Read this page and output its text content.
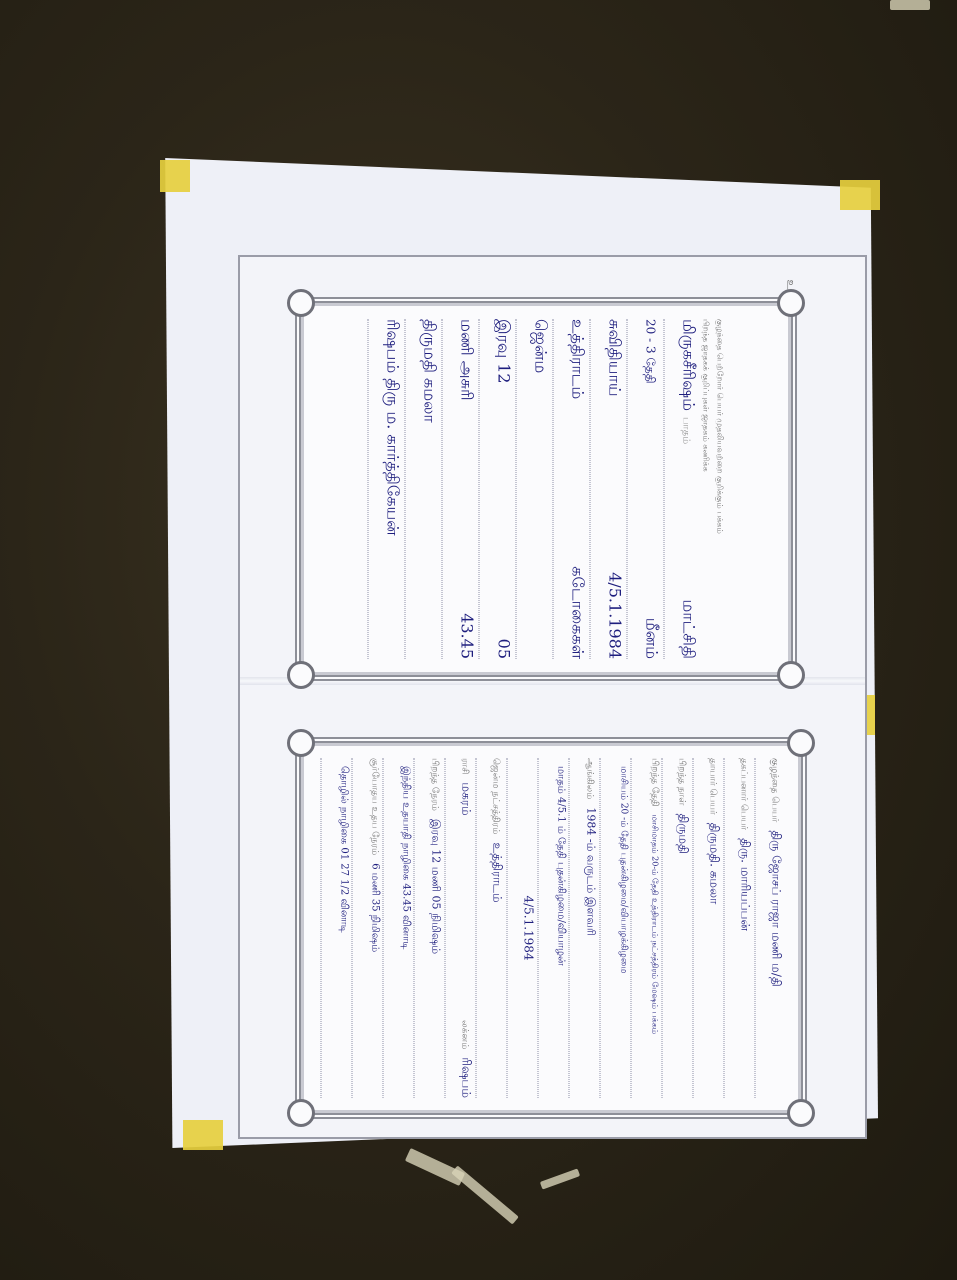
உ
குழந்தை பெற்றோர் பெயர் முதலியவற்றை குறிக்கும் பக்கம்
பிறந்த ஜாதகக் குறிப்புகள் ஜாதகம் கணிக்க
மிருகசீரிஷம்
பாதம்
மாட்சிதி
20 - 3 தேதி
மீனம்
சுவிதியாய்
4/5.1.1984
உத்திராடம்
கடோகைகள்
ஜென்ம
இரவு 12
05
மணி அசுரி
43.45
திருமதி கமலா
ரிஷபம் திரு ம. கார்த்திகேயன்
குழந்தை பெயர்
திரு ஜோசப் ராஜா மணி ம/தி
தகப்பனார் பெயர்
திரு. மாரியப்பன்
தாயார் பெயர்
திருமதி. கமலா
பிறந்த நாள்
திருமதி
பிறந்த தேதி
மாசிமாதம் 20-ம் தேதி உத்திராடம் நட்சத்திரம் மேஷம் பக்கம்
மாசியம் 20 -ம் தேதி புதன்கிழமை/வியாழக்கிழமை
ஆங்கிலம்
1984 -ம் வருடம் இளவரி
மாதம் 4/5.1 ம் தேதி புதன்கிழமை/வியாழன்
4/5.1.1984
ஜென்ம நட்சத்திரம்
உத்திராடம்
ராசி
மகரம்
லக்னம்
ரிஷபம்
பிறந்த நேரம்
இரவு 12 மணி 05 நிமிஷம்
இந்திய உதயாதி நாழிகை 43.45 வினாடி
சூர்யோதய உதய நேரம்
6 மணி 35 நிமிஷம்
தொழில் நாழிகை 01 27 1/2 வினாடி
